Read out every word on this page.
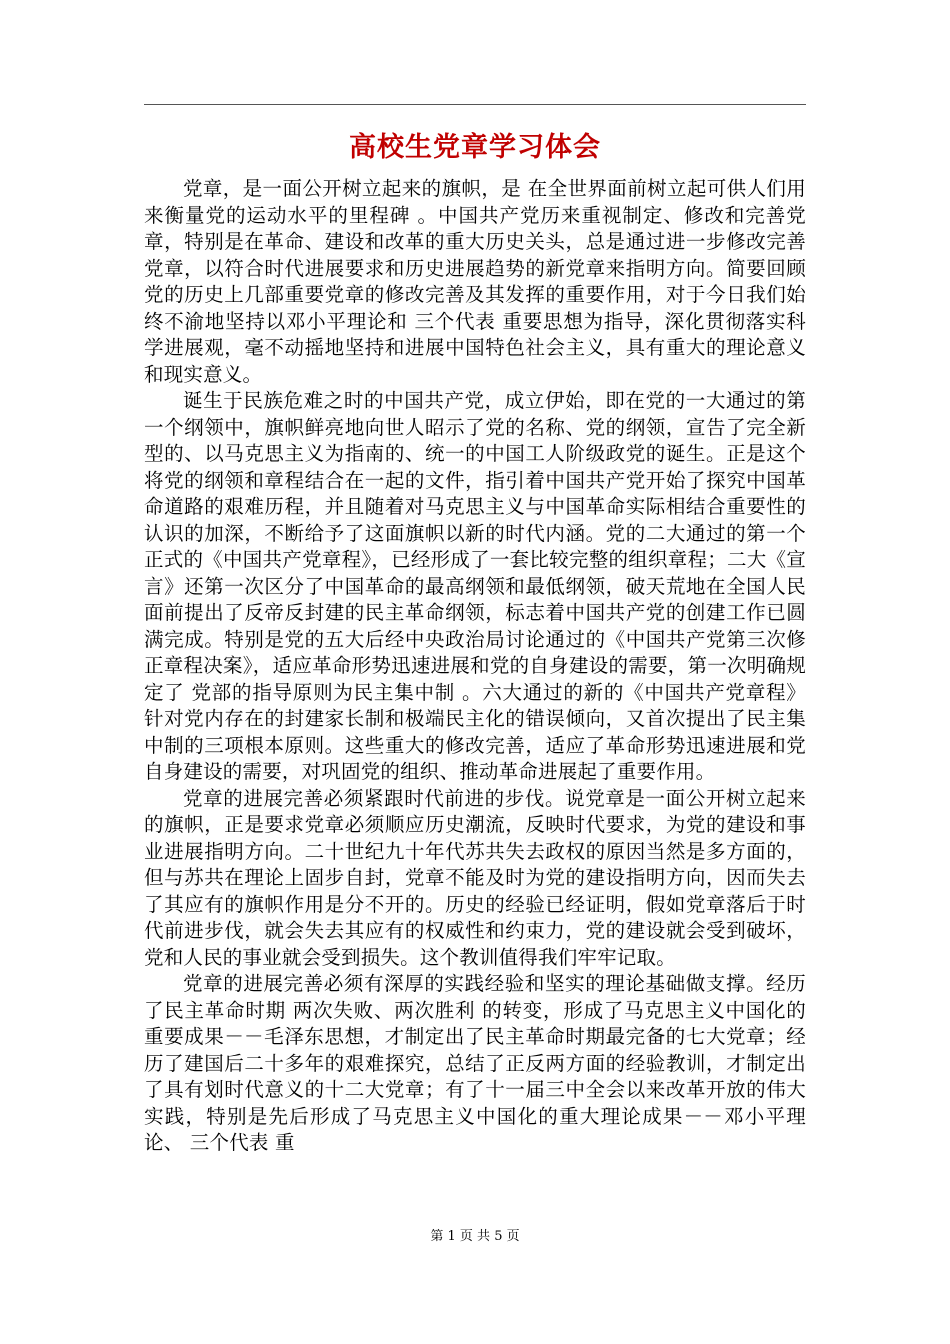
高校生党章学习体会

党章，是一面公开树立起来的旗帜，是 在全世界面前树立起可供人们用来衡量党的运动水平的里程碑 。中国共产党历来重视制定、修改和完善党章，特别是在革命、建设和改革的重大历史关头，总是通过进一步修改完善党章，以符合时代进展要求和历史进展趋势的新党章来指明方向。简要回顾党的历史上几部重要党章的修改完善及其发挥的重要作用，对于今日我们始终不渝地坚持以邓小平理论和 三个代表 重要思想为指导，深化贯彻落实科学进展观，毫不动摇地坚持和进展中国特色社会主义，具有重大的理论意义和现实意义。

诞生于民族危难之时的中国共产党，成立伊始，即在党的一大通过的第一个纲领中，旗帜鲜亮地向世人昭示了党的名称、党的纲领，宣告了完全新型的、以马克思主义为指南的、统一的中国工人阶级政党的诞生。正是这个将党的纲领和章程结合在一起的文件，指引着中国共产党开始了探究中国革命道路的艰难历程，并且随着对马克思主义与中国革命实际相结合重要性的认识的加深，不断给予了这面旗帜以新的时代内涵。党的二大通过的第一个正式的《中国共产党章程》，已经形成了一套比较完整的组织章程；二大《宣言》还第一次区分了中国革命的最高纲领和最低纲领，破天荒地在全国人民面前提出了反帝反封建的民主革命纲领，标志着中国共产党的创建工作已圆满完成。特别是党的五大后经中央政治局讨论通过的《中国共产党第三次修正章程决案》，适应革命形势迅速进展和党的自身建设的需要，第一次明确规定了 党部的指导原则为民主集中制 。六大通过的新的《中国共产党章程》针对党内存在的封建家长制和极端民主化的错误倾向，又首次提出了民主集中制的三项根本原则。这些重大的修改完善，适应了革命形势迅速进展和党自身建设的需要，对巩固党的组织、推动革命进展起了重要作用。

党章的进展完善必须紧跟时代前进的步伐。说党章是一面公开树立起来的旗帜，正是要求党章必须顺应历史潮流，反映时代要求，为党的建设和事业进展指明方向。二十世纪九十年代苏共失去政权的原因当然是多方面的，但与苏共在理论上固步自封，党章不能及时为党的建设指明方向，因而失去了其应有的旗帜作用是分不开的。历史的经验已经证明，假如党章落后于时代前进步伐，就会失去其应有的权威性和约束力，党的建设就会受到破坏，党和人民的事业就会受到损失。这个教训值得我们牢牢记取。

党章的进展完善必须有深厚的实践经验和坚实的理论基础做支撑。经历了民主革命时期 两次失败、两次胜利 的转变，形成了马克思主义中国化的重要成果－－毛泽东思想，才制定出了民主革命时期最完备的七大党章；经历了建国后二十多年的艰难探究，总结了正反两方面的经验教训，才制定出了具有划时代意义的十二大党章；有了十一届三中全会以来改革开放的伟大实践，特别是先后形成了马克思主义中国化的重大理论成果－－邓小平理论、 三个代表 重

第 1 页 共 5 页
